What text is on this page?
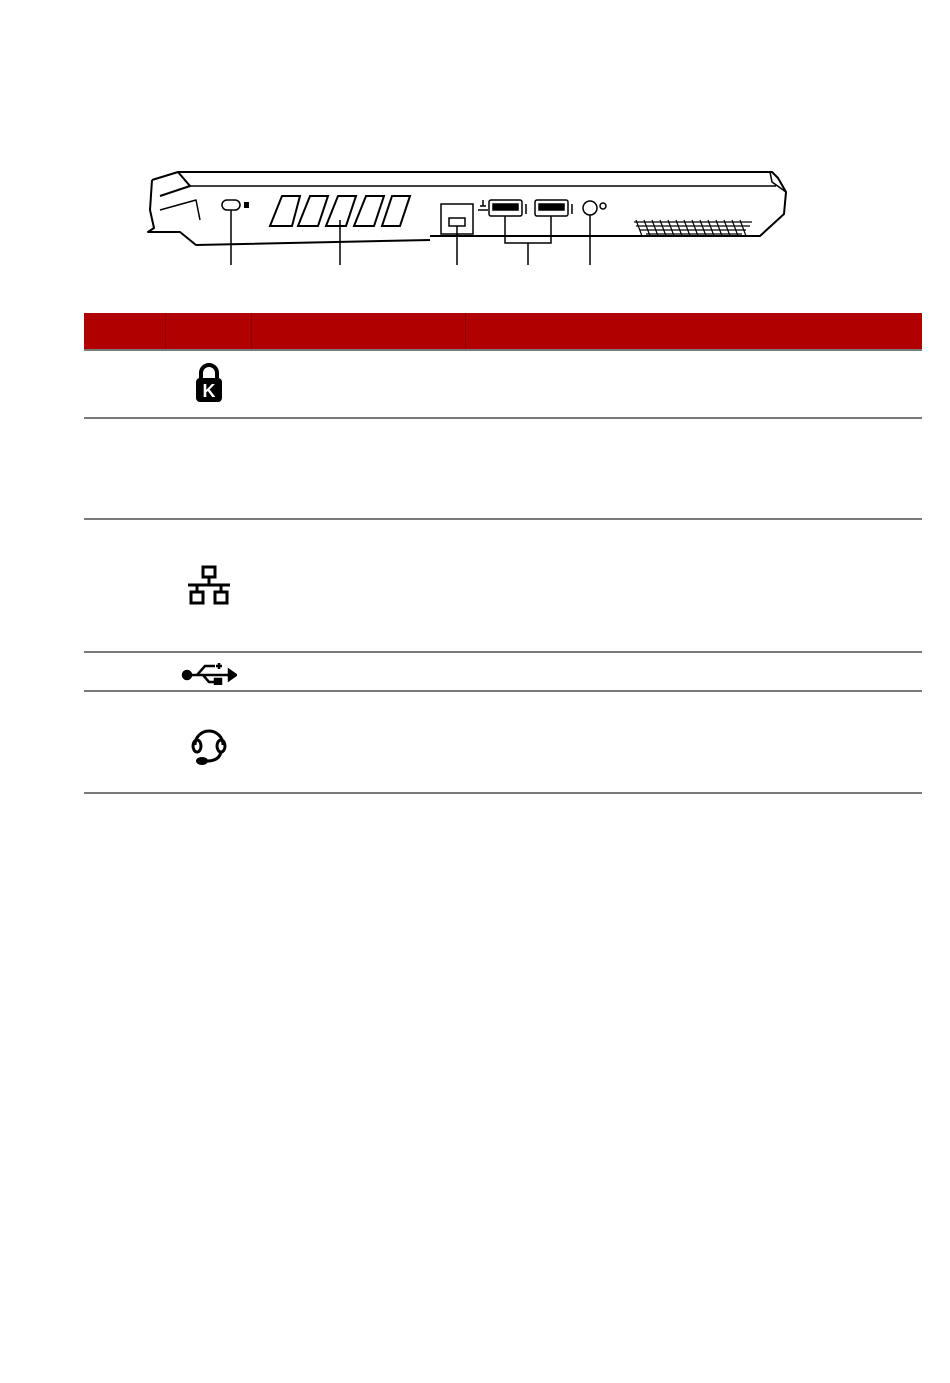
K
